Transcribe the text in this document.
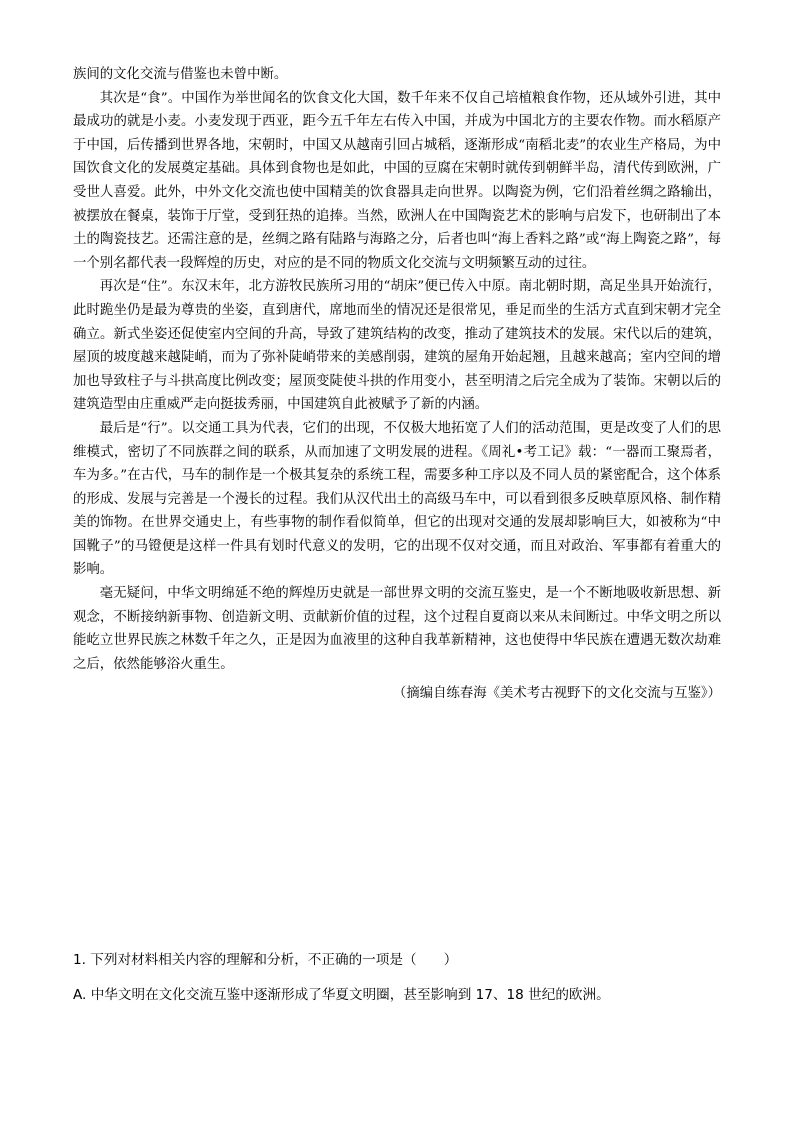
族间的文化交流与借鉴也未曾中断。

其次是“食”。中国作为举世闻名的饮食文化大国，数千年来不仅自己培植粮食作物，还从域外引进，其中最成功的就是小麦。小麦发现于西亚，距今五千年左右传入中国，并成为中国北方的主要农作物。而水稻原产于中国，后传播到世界各地，宋朝时，中国又从越南引回占城稻，逐渐形成“南稻北麦”的农业生产格局，为中国饮食文化的发展奠定基础。具体到食物也是如此，中国的豆腐在宋朝时就传到朝鲜半岛，清代传到欧洲，广受世人喜爱。此外，中外文化交流也使中国精美的饮食器具走向世界。以陶瓷为例，它们沿着丝绸之路输出，被摆放在餐桌，装饰于厅堂，受到狂热的追捧。当然，欧洲人在中国陶瓷艺术的影响与启发下，也研制出了本土的陶瓷技艺。还需注意的是，丝绸之路有陆路与海路之分，后者也叫“海上香料之路”或“海上陶瓷之路”，每一个别名都代表一段辉煌的历史，对应的是不同的物质文化交流与文明频繁互动的过往。

再次是“住”。东汉末年，北方游牧民族所习用的“胡床”便已传入中原。南北朝时期，高足坐具开始流行，此时跪坐仍是最为尊贵的坐姿，直到唐代，席地而坐的情况还是很常见，垂足而坐的生活方式直到宋朝才完全确立。新式坐姿还促使室内空间的升高，导致了建筑结构的改变，推动了建筑技术的发展。宋代以后的建筑，屋顶的坡度越来越陡峭，而为了弥补陡峭带来的美感削弱，建筑的屋角开始起翘，且越来越高；室内空间的增加也导致柱子与斗拱高度比例改变；屋顶变陡使斗拱的作用变小，甚至明清之后完全成为了装饰。宋朝以后的建筑造型由庄重威严走向挺拔秀丽，中国建筑自此被赋予了新的内涵。

最后是“行”。以交通工具为代表，它们的出现，不仅极大地拓宽了人们的活动范围，更是改变了人们的思维模式，密切了不同族群之间的联系，从而加速了文明发展的进程。《周礼•考工记》载：“一器而工聚焉者，车为多。”在古代，马车的制作是一个极其复杂的系统工程，需要多种工序以及不同人员的紧密配合，这个体系的形成、发展与完善是一个漫长的过程。我们从汉代出土的高级马车中，可以看到很多反映草原风格、制作精美的饰物。在世界交通史上，有些事物的制作看似简单，但它的出现对交通的发展却影响巨大，如被称为“中国靴子”的马镫便是这样一件具有划时代意义的发明，它的出现不仅对交通，而且对政治、军事都有着重大的影响。

毫无疑问，中华文明绵延不绝的辉煌历史就是一部世界文明的交流互鉴史，是一个不断地吸收新思想、新观念，不断接纳新事物、创造新文明、贡献新价值的过程，这个过程自夏商以来从未间断过。中华文明之所以能屹立世界民族之林数千年之久，正是因为血液里的这种自我革新精神，这也使得中华民族在遭遇无数次劫难之后，依然能够浴火重生。

（摘编自练春海《美术考古视野下的文化交流与互鉴》）

1. 下列对材料相关内容的理解和分析，不正确的一项是（　　）
A. 中华文明在文化交流互鉴中逐渐形成了华夏文明圈，甚至影响到 17、18 世纪的欧洲。
